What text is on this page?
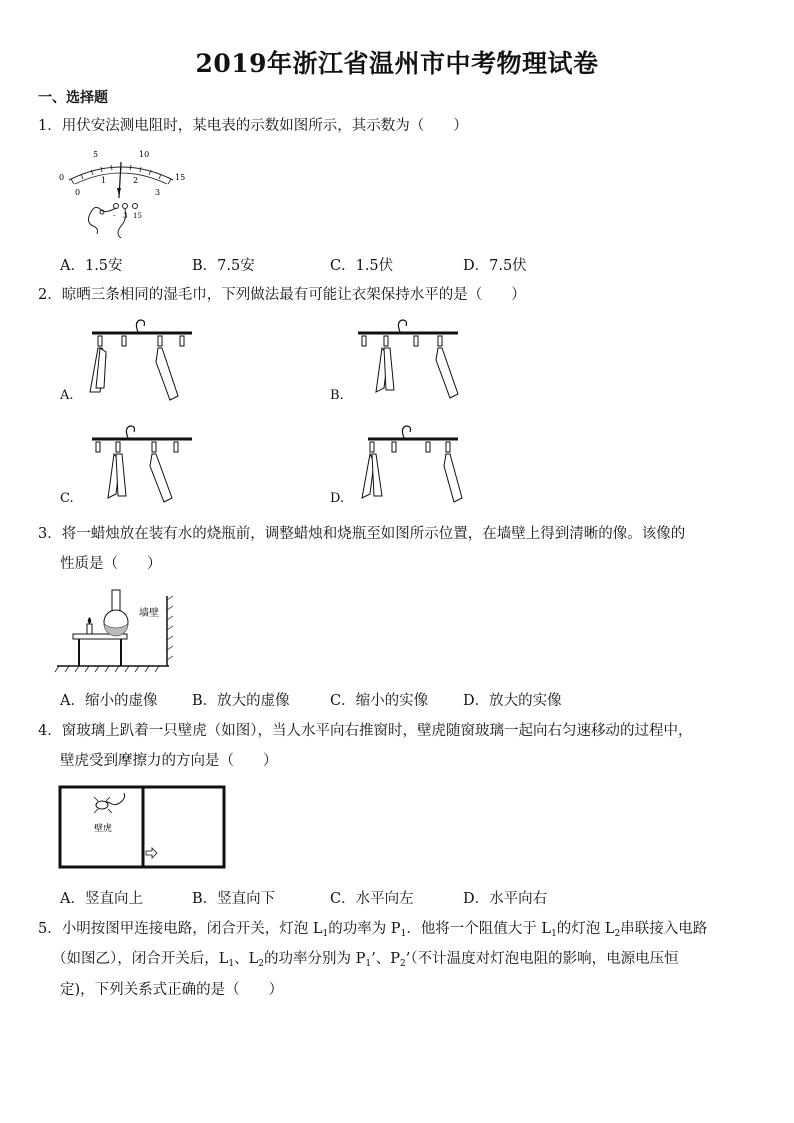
2019年浙江省温州市中考物理试卷
一、选择题
1．用伏安法测电阻时，某电表的示数如图所示，其示数为（　　）
0
5	10
15
0
1	2
3
- 3 15
A．1.5安	B．7.5安	C．1.5伏	D．7.5伏
2．晾晒三条相同的湿毛巾，下列做法最有可能让衣架保持水平的是（　　）
A.	B.
C.	D.
3．将一蜡烛放在装有水的烧瓶前，调整蜡烛和烧瓶至如图所示位置，在墙壁上得到清晰的像。该像的
性质是（　　）
墙壁
A．缩小的虚像 B．放大的虚像	C．缩小的实像 D．放大的实像
4．窗玻璃上趴着一只壁虎（如图），当人水平向右推窗时，壁虎随窗玻璃一起向右匀速移动的过程中，
壁虎受到摩擦力的方向是（　　）
壁虎
A．竖直向上	B．竖直向下	C．水平向左	D．水平向右
5．小明按图甲连接电路，闭合开关，灯泡 $L_1$的功率为 $P_1$．他将一个阻值大于 $L_1$的灯泡 $L_2$串联接入电路
（如图乙），闭合开关后，$L_1$、$L_2$的功率分别为 $P_1$’、$P_2$’（不计温度对灯泡电阻的影响，电源电压恒
定)，下列关系式正确的是（　　）
